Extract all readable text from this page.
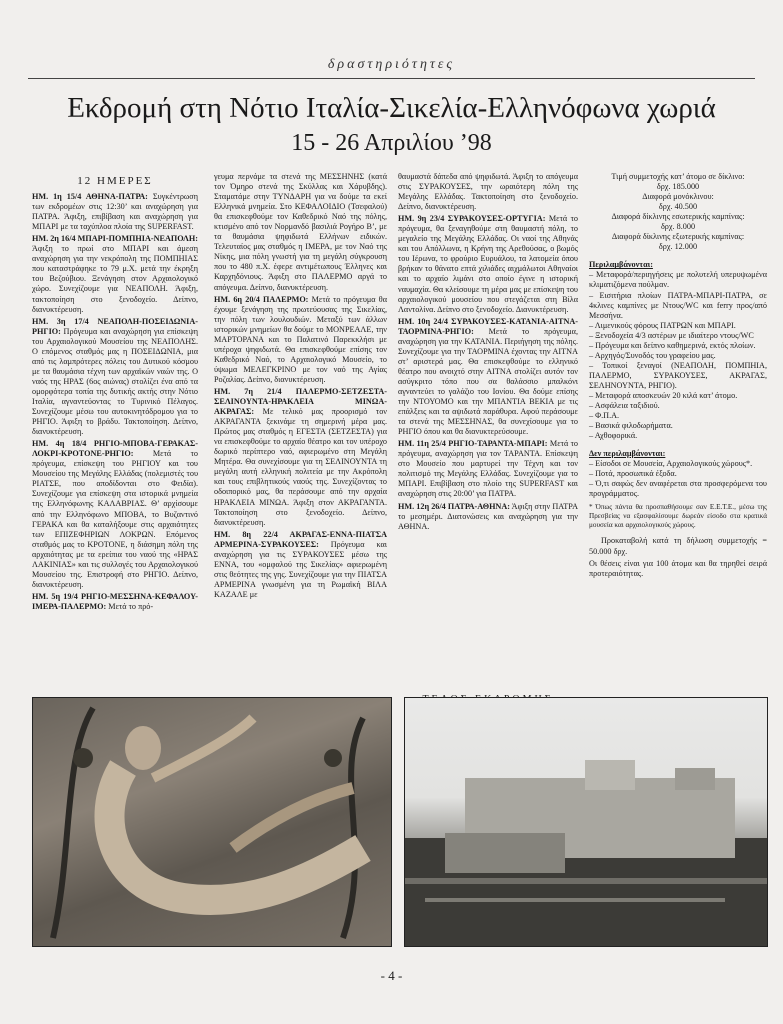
δραστηριότητες
Εκδρομή στη Νότιο Ιταλία-Σικελία-Ελληνόφωνα χωριά
15 - 26 Απριλίου ’98
12 ΗΜΕΡΕΣ

ΗΜ. 1η 15/4 ΑΘΗΝΑ-ΠΑΤΡΑ: Συγκέντρωση των εκδρομέων στις 12:30’ και αναχώρηση για ΠΑΤΡΑ. Άφιξη, επιβίβαση και αναχώρηση για ΜΠΑΡΙ με τα ταχύπλοα πλοία της SUPERFAST.

ΗΜ. 2η 16/4 ΜΠΑΡΙ-ΠΟΜΠΗΙΑ-ΝΕΑΠΟΛΗ: Άφιξη το πρωί στο ΜΠΑΡΙ και άμεση αναχώρηση για την νεκρόπολη της ΠΟΜΠΗΙΑΣ που καταστράφηκε το 79 μ.Χ. μετά την έκρηξη του Βεζούβιου. Ξενάγηση στον Αρχαιολογικό χώρο. Συνεχίζουμε για ΝΕΑΠΟΛΗ. Άφιξη, τακτοποίηση στο ξενοδοχείο. Δείπνο, διανυκτέρευση.

ΗΜ. 3η 17/4 ΝΕΑΠΟΛΗ-ΠΟΣΕΙΔΩΝΙΑ-ΡΗΓΙΟ: Πρόγευμα και αναχώρηση για επίσκεψη του Αρχαιολογικού Μουσείου της ΝΕΑΠΟΛΗΣ. Ο επόμενος σταθμός μας η ΠΟΣΕΙΔΩΝΙΑ, μια από τις λαμπρότερες πόλεις του Δυτικού κόσμου με τα θαυμάσια τέχνη των αρχαϊκών ναών της. Ο ναός της ΗΡΑΣ (6ος αιώνας) στολίζει ένα από τα ομορφότερα τοπία της δυτικής ακτής στην Νότιο Ιταλία, αγναντεύοντας το Τυρινικό Πέλαγος. Συνεχίζουμε μέσω του αυτοκινητόδρομου για το ΡΗΓΙΟ. Άφιξη το βράδυ. Τακτοποίηση. Δείπνο, διανυκτέρευση.

ΗΜ. 4η 18/4 ΡΗΓΙΟ-ΜΠΟΒΑ-ΓΕΡΑΚΑΣ-ΛΟΚΡΙ-ΚΡΟΤΟΝΕ-ΡΗΓΙΟ: Μετά το πρόγευμα, επίσκεψη του ΡΗΓΙΟΥ και του Μουσείου της Μεγάλης Ελλάδας (πολεμιστές του ΡΙΑΤΣΕ, που αποδίδονται στο Φειδία). Συνεχίζουμε για επίσκεψη στα ιστορικά μνημεία της Ελληνόφωνης ΚΑΛΑΒΡΙΑΣ. Θ’ αρχίσουμε από την Ελληνόφωνο ΜΠΟΒΑ, το Βυζαντινό ΓΕΡΑΚΑ και θα καταλήξουμε στις αρχαιότητες των ΕΠΙΖΕΦΗΡΙΩΝ ΛΟΚΡΩΝ. Επόμενος σταθμός μας το ΚΡΟΤΟΝΕ, η διάσημη πόλη της αρχαιότητας με τα ερείπια του ναού της «ΗΡΑΣ ΛΑΚΙΝΙΑΣ» και τις συλλογές του Αρχαιολογικού Μουσείου της. Επιστροφή στο ΡΗΓΙΟ. Δείπνο, διανυκτέρευση.

ΗΜ. 5η 19/4 ΡΗΓΙΟ-ΜΕΣΣΗΝΑ-ΚΕΦΑΛΟΥ-ΙΜΕΡΑ-ΠΑΛΕΡΜΟ: Μετά το πρό-

γευμα περνάμε τα στενά της ΜΕΣΣΗΝΗΣ (κατά τον Όμηρο στενά της Σκύλλας και Χάρυβδης). Σταματάμε στην ΤΥΝΔΑΡΗ για να δούμε τα εκεί Ελληνικά μνημεία. Στο ΚΕΦΑΛΟΙΔΙΟ (Τσεφαλού) θα επισκεφθούμε τον Καθεδρικό Ναό της πόλης, κτισμένο από τον Νορμανδό βασιλιά Ρογήρο Β’, με τα θαυμάσια ψηφιδωτά Ελλήνων ειδικών. Τελευταίος μας σταθμός η ΙΜΕΡΑ, με τον Ναό της Νίκης, μια πόλη γνωστή για τη μεγάλη σύγκρουση που το 480 π.Χ. έφερε αντιμέτωπους Έλληνες και Καρχηδόνιους. Άφιξη στο ΠΑΛΕΡΜΟ αργά το απόγευμα. Δείπνο, διανυκτέρευση.

ΗΜ. 6η 20/4 ΠΑΛΕΡΜΟ: Μετά το πρόγευμα θα έχουμε ξενάγηση της πρωτεύουσας της Σικελίας, την πόλη των λουλουδιών. Μεταξύ των άλλων ιστορικών μνημείων θα δούμε το ΜΟΝΡΕΑΛΕ, την ΜΑΡΤΟΡΑΝΑ και το Παλατινό Παρεκκλήσι με υπέροχα ψηφιδωτά. Θα επισκεφθούμε επίσης τον Καθεδρικό Ναό, το Αρχαιολογικό Μουσείο, το ύψωμα ΜΕΛΕΓΚΡΙΝΟ με τον ναό της Αγίας Ροζαλίας. Δείπνο, διανυκτέρευση.

ΗΜ. 7η 21/4 ΠΑΛΕΡΜΟ-ΣΕΤΖΕΣΤΑ-ΣΕΛΙΝΟΥΝΤΑ-ΗΡΑΚΛΕΙΑ ΜΙΝΩΑ-ΑΚΡΑΓΑΣ: Με τελικό μας προορισμό τον ΑΚΡΑΓΑΝΤΑ ξεκινάμε τη σημερινή μέρα μας. Πρώτος μας σταθμός η ΕΓΕΣΤΑ (ΣΕΤΖΕΣΤΑ) για να επισκεφθούμε το αρχαίο θέατρο και τον υπέροχο δωρικό περίπτερο ναό, αφιερωμένο στη Μεγάλη Μητέρα. Θα συνεχίσουμε για τη ΣΕΛΙΝΟΥΝΤΑ τη μεγάλη αυτή ελληνική πολιτεία με την Ακρόπολη και τους επιβλητικούς ναούς της. Συνεχίζοντας το οδοιπορικό μας, θα περάσουμε από την αρχαία ΗΡΑΚΛΕΙΑ ΜΙΝΩΑ. Άφιξη στον ΑΚΡΑΓΑΝΤΑ. Τακτοποίηση στο ξενοδοχείο. Δείπνο, διανυκτέρευση.

ΗΜ. 8η 22/4 ΑΚΡΑΓΑΣ-ΕΝΝΑ-ΠΙΑΤΣΑ ΑΡΜΕΡΙΝΑ-ΣΥΡΑΚΟΥΣΕΣ: Πρόγευμα και αναχώρηση για τις ΣΥΡΑΚΟΥΣΕΣ μέσω της ΕΝΝΑ, του «ομφαλού της Σικελίας» αφιερωμένη στις θεότητες της γης. Συνεχίζουμε για την ΠΙΑΤΣΑ ΑΡΜΕΡΙΝΑ γνωσμένη για τη Ρωμαϊκή ΒΙΛΑ ΚΑΖΑΛΕ με

θαυμαστά δάπεδα από ψηφιδωτά. Άφιξη το απόγευμα στις ΣΥΡΑΚΟΥΣΕΣ, την ωραιότερη πόλη της Μεγάλης Ελλάδας. Τακτοποίηση στο ξενοδοχείο. Δείπνο, διανυκτέρευση.

ΗΜ. 9η 23/4 ΣΥΡΑΚΟΥΣΕΣ-ΟΡΤΥΓΙΑ: Μετά το πρόγευμα, θα ξεναγηθούμε στη θαυμαστή πόλη, το μεγαλείο της Μεγάλης Ελλάδας. Οι ναοί της Αθηνάς και του Απόλλωνα, η Κρήνη της Αρεθούσας, ο βωμός του Ιέρωνα, το φρούριο Ευρυάλου, τα λατομεία όπου βρήκαν το θάνατο επτά χιλιάδες αιχμάλωτοι Αθηναίοι και το αρχαίο λιμάνι στο οποίο έγινε η ιστορική ναυμαχία. Θα κλείσουμε τη μέρα μας με επίσκεψη του αρχαιολογικού μουσείου που στεγάζεται στη Βίλα Λαντολίνα. Δείπνο στο ξενοδοχείο. Διανυκτέρευση.

ΗΜ. 10η 24/4 ΣΥΡΑΚΟΥΣΕΣ-ΚΑΤΑΝΙΑ-ΑΙΤΝΑ-ΤΑΟΡΜΙΝΑ-ΡΗΓΙΟ: Μετά το πρόγευμα, αναχώρηση για την ΚΑΤΑΝΙΑ. Περιήγηση της πόλης. Συνεχίζουμε για την ΤΑΟΡΜΙΝΑ έχοντας την ΑΙΤΝΑ στ’ αριστερά μας. Θα επισκεφθούμε το ελληνικό θέατρο που ανοιχτό στην ΑΙΤΝΑ στολίζει αυτόν τον ασύγκριτο τόπο που σα θαλάσσιο μπαλκόνι αγναντεύει το γαλάζιο του Ιονίου. Θα δούμε επίσης την ΝΤΟΥΟΜΟ και την ΜΠΑΝΤΙΑ ΒΕΚΙΑ με τις επάλξεις και τα αψιδωτά παράθυρα. Αφού περάσουμε τα στενά της ΜΕΣΣΗΝΑΣ, θα συνεχίσουμε για το ΡΗΓΙΟ όπου και θα διανυκτερεύσουμε.

ΗΜ. 11η 25/4 ΡΗΓΙΟ-ΤΑΡΑΝΤΑ-ΜΠΑΡΙ: Μετά το πρόγευμα, αναχώρηση για τον ΤΑΡΑΝΤΑ. Επίσκεψη στο Μουσείο που μαρτυρεί την Τέχνη και τον πολιτισμό της Μεγάλης Ελλάδας. Συνεχίζουμε για το ΜΠΑΡΙ. Επιβίβαση στο πλοίο της SUPERFAST και αναχώρηση στις 20:00’ για ΠΑΤΡΑ.

ΗΜ. 12η 26/4 ΠΑΤΡΑ-ΑΘΗΝΑ: Άφιξη στην ΠΑΤΡΑ το μεσημέρι. Διατονώσεις και αναχώρηση για την ΑΘΗΝΑ.

Τιμή συμμετοχής κατ’ άτομο σε δίκλινο:
δρχ. 185.000
Διαφορά μονόκλινου:
δρχ. 40.500
Διαφορά δίκλινης εσωτερικής καμπίνας:
δρχ. 8.000
Διαφορά δίκλινης εξωτερικής καμπίνας:
δρχ. 12.000
Περιλαμβάνονται:
– Μεταφορά/περιηγήσεις με πολυτελή υπερυψωμένα κλιματιζόμενα πούλμαν.
– Εισιτήρια πλοίων ΠΑΤΡΑ-ΜΠΑΡΙ-ΠΑΤΡΑ, σε 4κλινες καμπίνες με Ντους/WC και ferry προς/από Μεσσήνα.
– Λιμενικούς φόρους ΠΑΤΡΩΝ και ΜΠΑΡΙ.
– Ξενοδοχεία 4/3 αστέρων με ιδιαίτερο ντους/WC
– Πρόγευμα και δείπνο καθημερινά, εκτός πλοίων.
– Αρχηγός/Συνοδός του γραφείου μας.
– Τοπικοί ξεναγοί (ΝΕΑΠΟΛΗ, ΠΟΜΠΗΙΑ, ΠΑΛΕΡΜΟ, ΣΥΡΑΚΟΥΣΕΣ, ΑΚΡΑΓΑΣ, ΣΕΛΗΝΟΥΝΤΑ, ΡΗΓΙΟ).
– Μεταφορά αποσκευών 20 κιλά κατ’ άτομο.
– Ασφάλεια ταξιδιού.
– Φ.Π.Α.
– Βασικά φιλοδωρήματα.
– Αχθοφορικά.
Δεν περιλαμβάνονται:
– Είσοδοι σε Μουσεία, Αρχαιολογικούς χώρους*.
– Ποτά, προσωπικά έξοδα.
– Ό,τι σαφώς δεν αναφέρεται στα προσφερόμενα του προγράμματος.

* Όπως πάντα θα προσπαθήσουμε σαν Ε.Ε.Τ.Ε., μέσω της Πρεσβείας να εξασφαλίσουμε δωρεάν είσοδο στα κρατικά μουσεία και αρχαιολογικούς χώρους.

Προκαταβολή κατά τη δήλωση συμμετοχής = 50.000 δρχ.

Οι θέσεις είναι για 100 άτομα και θα τηρηθεί σειρά προτεραιότητας.

- 4 -
